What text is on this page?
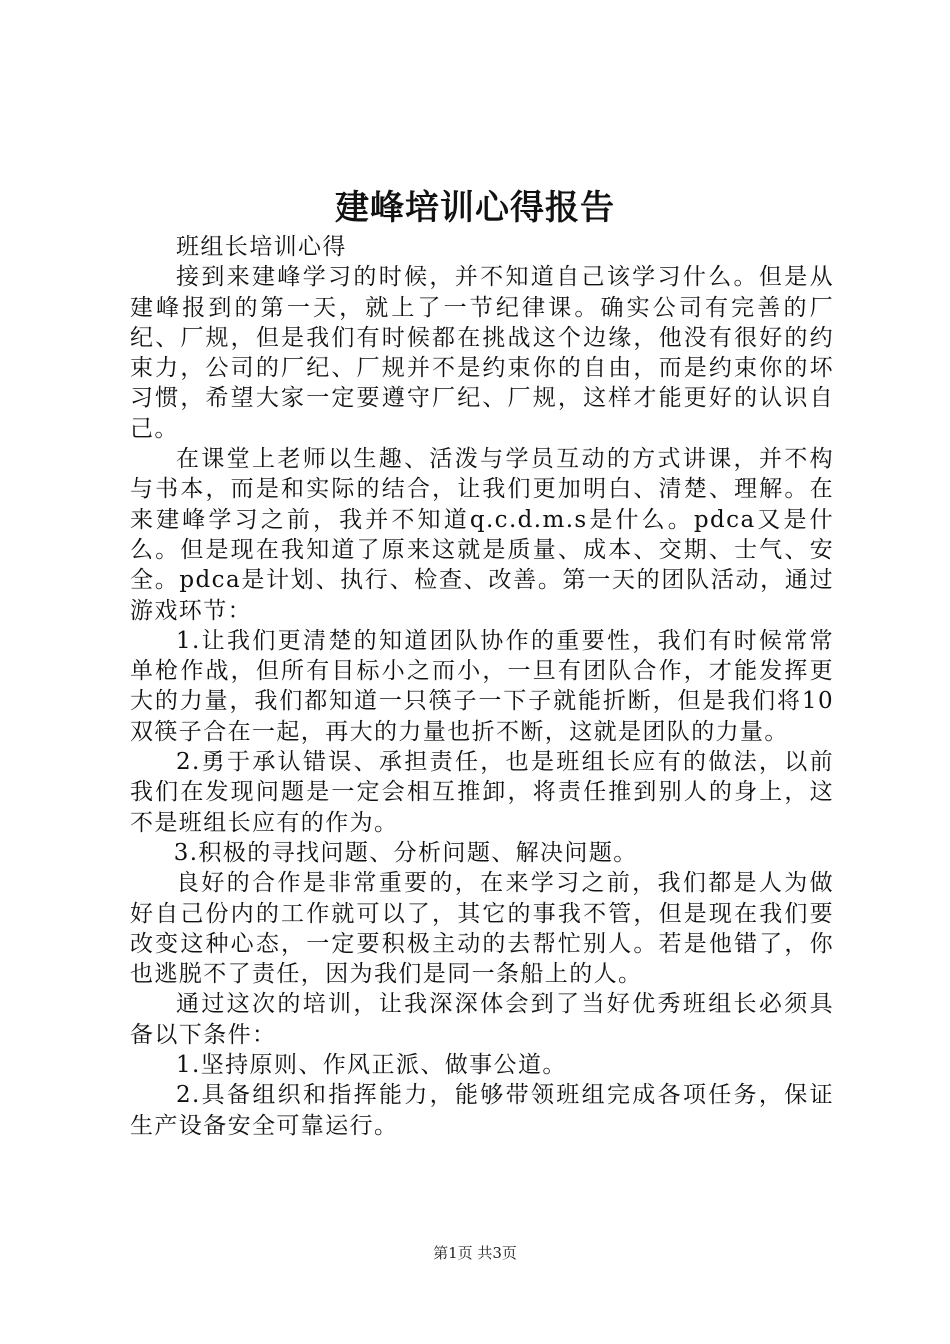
建峰培训心得报告

班组长培训心得

接到来建峰学习的时候，并不知道自己该学习什么。但是从建峰报到的第一天，就上了一节纪律课。确实公司有完善的厂纪、厂规，但是我们有时候都在挑战这个边缘，他没有很好的约束力，公司的厂纪、厂规并不是约束你的自由，而是约束你的坏习惯，希望大家一定要遵守厂纪、厂规，这样才能更好的认识自己。

在课堂上老师以生趣、活泼与学员互动的方式讲课，并不构与书本，而是和实际的结合，让我们更加明白、清楚、理解。在来建峰学习之前，我并不知道q.c.d.m.s是什么。pdca又是什么。但是现在我知道了原来这就是质量、成本、交期、士气、安全。pdca是计划、执行、检查、改善。第一天的团队活动，通过游戏环节：

1.让我们更清楚的知道团队协作的重要性，我们有时候常常单枪作战，但所有目标小之而小，一旦有团队合作，才能发挥更大的力量，我们都知道一只筷子一下子就能折断，但是我们将10双筷子合在一起，再大的力量也折不断，这就是团队的力量。

2.勇于承认错误、承担责任，也是班组长应有的做法，以前我们在发现问题是一定会相互推卸，将责任推到别人的身上，这不是班组长应有的作为。

3.积极的寻找问题、分析问题、解决问题。

良好的合作是非常重要的，在来学习之前，我们都是人为做好自己份内的工作就可以了，其它的事我不管，但是现在我们要改变这种心态，一定要积极主动的去帮忙别人。若是他错了，你也逃脱不了责任，因为我们是同一条船上的人。

通过这次的培训，让我深深体会到了当好优秀班组长必须具备以下条件：

1.坚持原则、作风正派、做事公道。

2.具备组织和指挥能力，能够带领班组完成各项任务，保证生产设备安全可靠运行。

第1页 共3页
